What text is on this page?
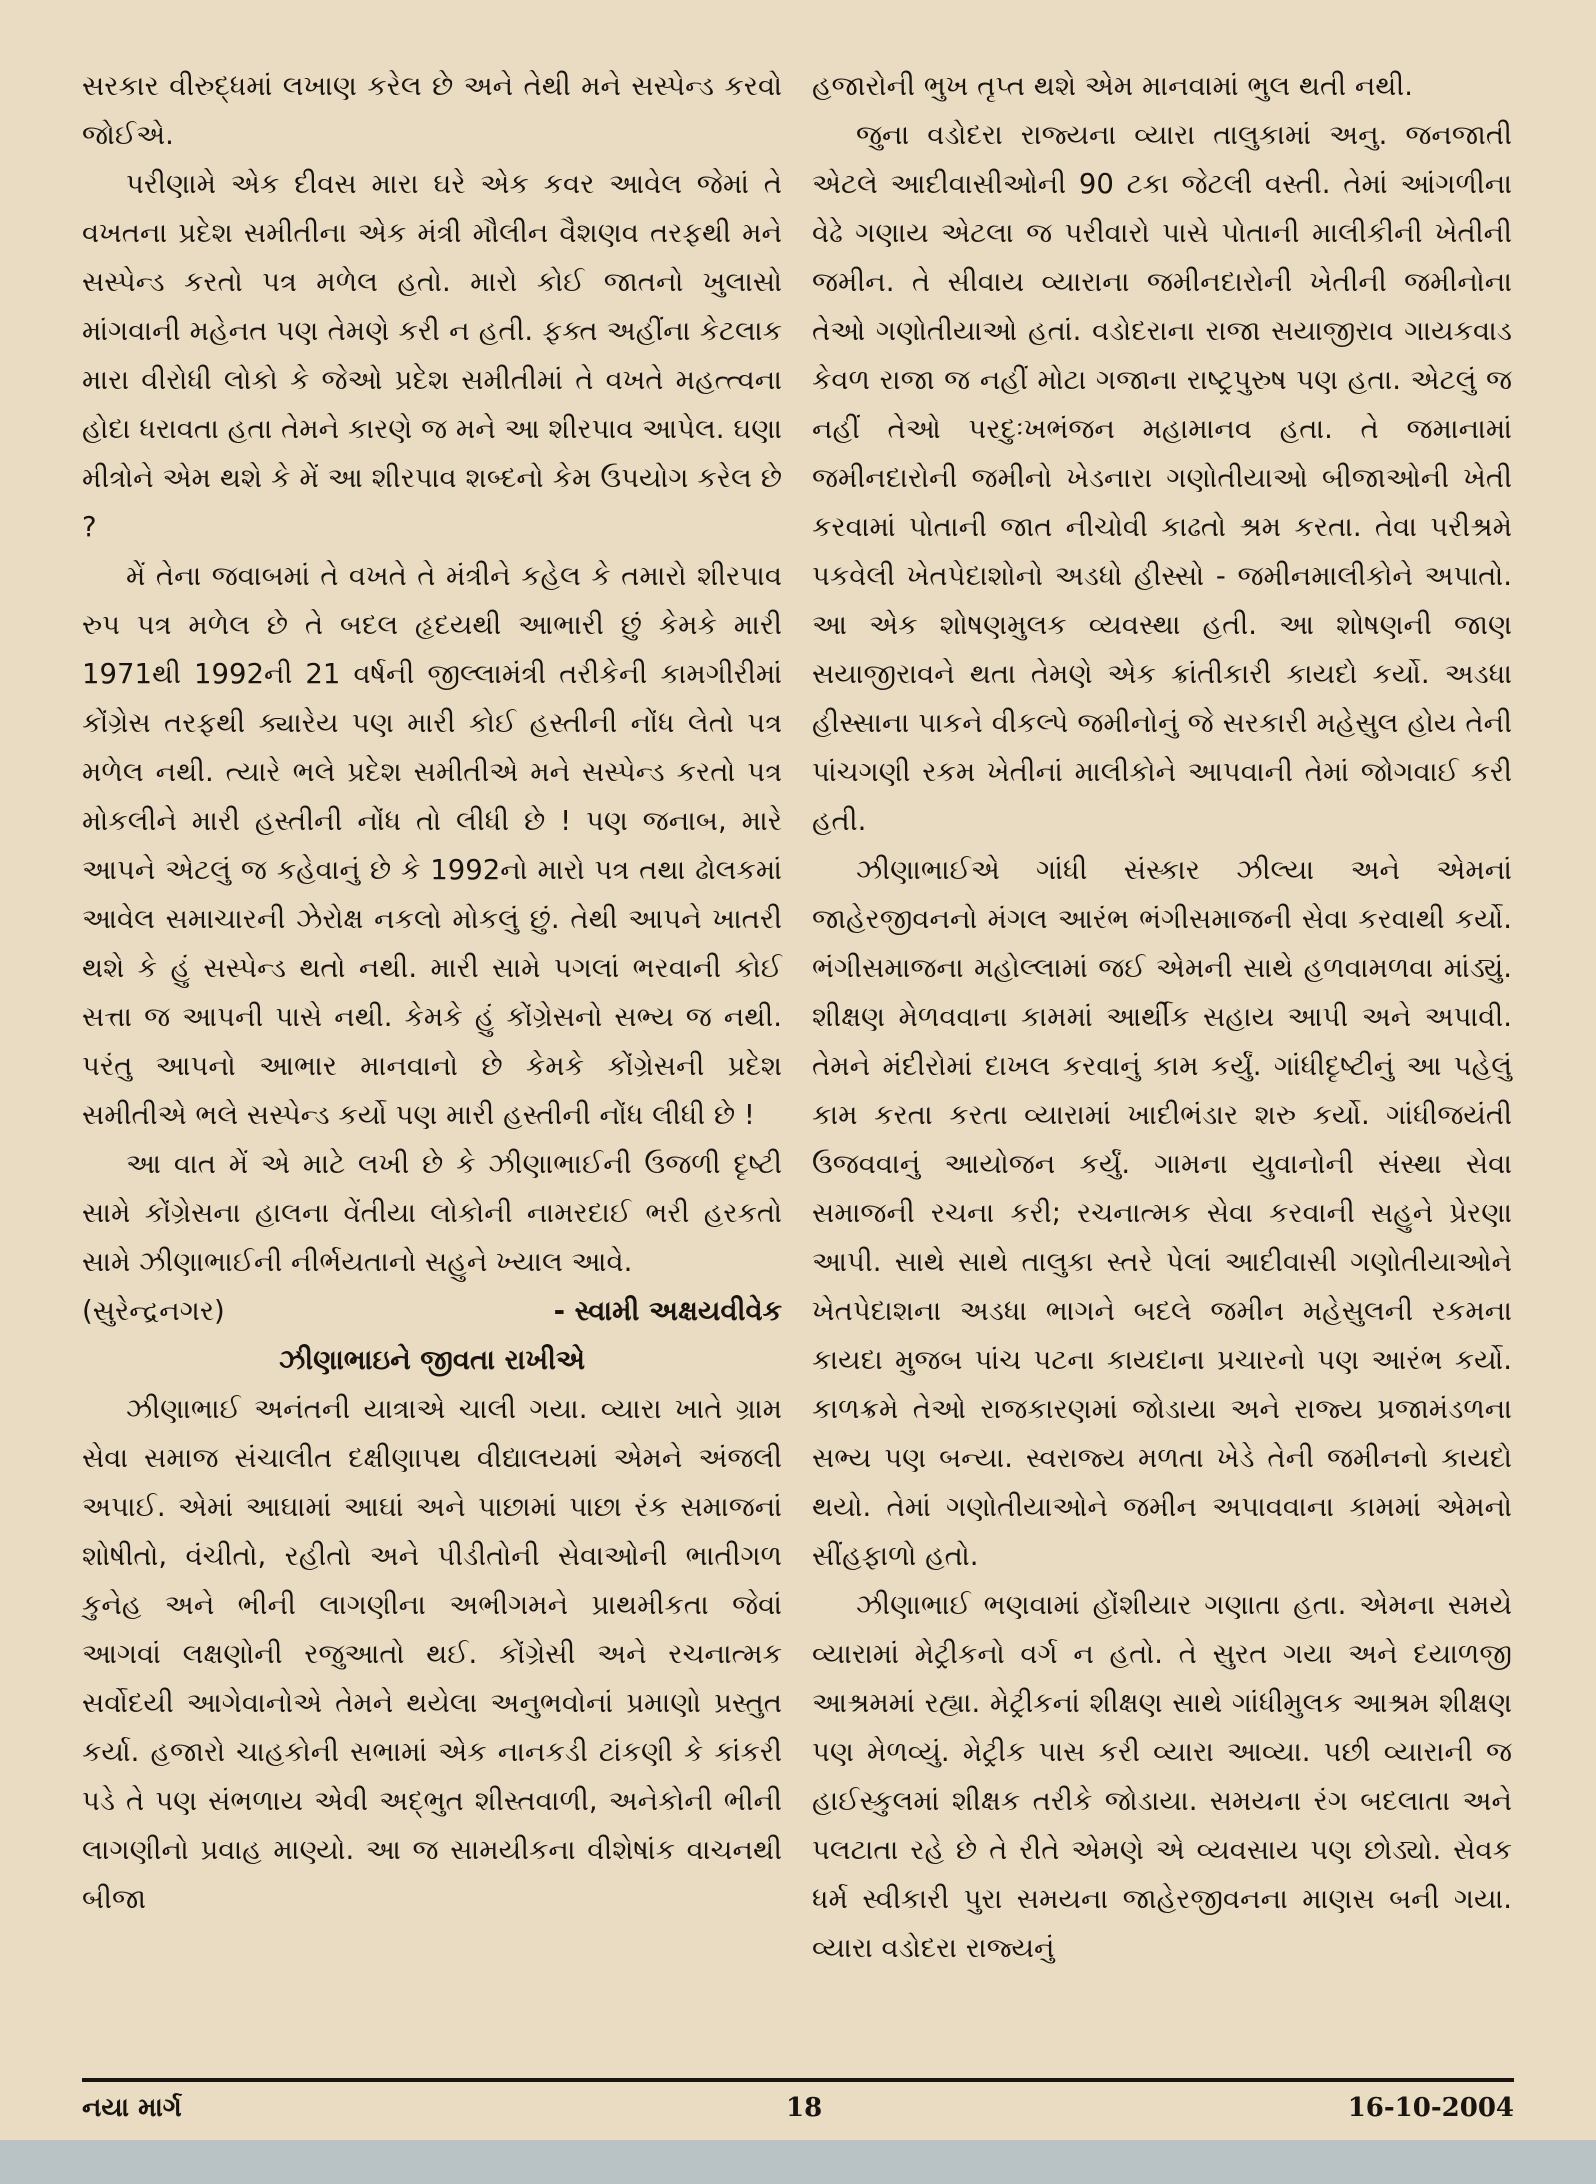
સરકાર વીરુદ્ધમાં લખાણ કરેલ છે અને તેથી મને સસ્પેન્ડ કરવો જોઈએ.

પરીણામે એક દીવસ મારા ઘરે એક કવર આવેલ જેમાં તે વખતના પ્રદેશ સમીતીના એક મંત્રી મૌલીન વૈશણવ તરફથી મને સસ્પેન્ડ કરતો પત્ર મળેલ હતો. મારો કોઈ જાતનો ખુલાસો માંગવાની મહેનત પણ તેમણે કરી ન હતી. ફક્ત અહીંના કેટલાક મારા વીરોધી લોકો કે જેઓ પ્રદેશ સમીતીમાં તે વખતે મહત્ત્વના હોદા ધરાવતા હતા તેમને કારણે જ મને આ શીરપાવ આપેલ. ઘણા મીત્રોને એમ થશે કે મેં આ શીરપાવ શબ્દનો કેમ ઉપયોગ કરેલ છે ?

મેં તેના જવાબમાં તે વખતે તે મંત્રીને કહેલ કે તમારો શીરપાવ રુપ પત્ર મળેલ છે તે બદલ હૃદયથી આભારી છું કેમકે મારી 1971થી 1992ની 21 વર્ષની જીલ્લામંત્રી તરીકેની કામગીરીમાં કોંગ્રેસ તરફથી ક્યારેય પણ મારી કોઈ હસ્તીની નોંધ લેતો પત્ર મળેલ નથી. ત્યારે ભલે પ્રદેશ સમીતીએ મને સસ્પેન્ડ કરતો પત્ર મોકલીને મારી હસ્તીની નોંધ તો લીધી છે ! પણ જનાબ, મારે આપને એટલું જ કહેવાનું છે કે 1992નો મારો પત્ર તથા ઢોલકમાં આવેલ સમાચારની ઝેરોક્ષ નકલો મોકલું છું. તેથી આપને ખાતરી થશે કે હું સસ્પેન્ડ થતો નથી. મારી સામે પગલાં ભરવાની કોઈ સત્તા જ આપની પાસે નથી. કેમકે હું કોંગ્રેસનો સભ્ય જ નથી. પરંતુ આપનો આભાર માનવાનો છે કેમકે કોંગ્રેસની પ્રદેશ સમીતીએ ભલે સસ્પેન્ડ કર્યો પણ મારી હસ્તીની નોંધ લીધી છે !

આ વાત મેં એ માટે લખી છે કે ઝીણાભાઈની ઉજળી દૃષ્ટી સામે કોંગ્રેસના હાલના વેંતીયા લોકોની નામરદાઈ ભરી હરકતો સામે ઝીણાભાઈની નીર્ભયતાનો સહુને ખ્યાલ આવે.

(સુરેન્દ્રનગર)	- સ્વામી અક્ષયવીવેક

ઝીણાભાઇને જીવતા રાખીએ

ઝીણાભાઈ અનંતની યાત્રાએ ચાલી ગયા. વ્યારા ખાતે ગ્રામ સેવા સમાજ સંચાલીત દક્ષીણાપથ વીદ્યાલયમાં એમને અંજલી અપાઈ. એમાં આઘામાં આઘાં અને પાછામાં પાછા રંક સમાજનાં શોષીતો, વંચીતો, રહીતો અને પીડીતોની સેવાઓની ભાતીગળ કુનેહ અને ભીની લાગણીના અભીગમને પ્રાથમીકતા જેવાં આગવાં લક્ષણોની રજુઆતો થઈ. કોંગ્રેસી અને રચનાત્મક સર્વોદયી આગેવાનોએ તેમને થયેલા અનુભવોનાં પ્રમાણો પ્રસ્તુત કર્યા. હજારો ચાહકોની સભામાં એક નાનકડી ટાંકણી કે કાંકરી પડે તે પણ સંભળાય એવી અદ્ભુત શીસ્તવાળી, અનેકોની ભીની લાગણીનો પ્રવાહ માણ્યો. આ જ સામયીકના વીશેષાંક વાચનથી બીજા

હજારોની ભુખ તૃપ્ત થશે એમ માનવામાં ભુલ થતી નથી.

જુના વડોદરા રાજ્યના વ્યારા તાલુકામાં અનુ. જનજાતી એટલે આદીવાસીઓની 90 ટકા જેટલી વસ્તી. તેમાં આંગળીના વેઢે ગણાય એટલા જ પરીવારો પાસે પોતાની માલીકીની ખેતીની જમીન. તે સીવાય વ્યારાના જમીનદારોની ખેતીની જમીનોના તેઓ ગણોતીયાઓ હતાં. વડોદરાના રાજા સયાજીરાવ ગાયકવાડ કેવળ રાજા જ નહીં મોટા ગજાના રાષ્ટ્રપુરુષ પણ હતા. એટલું જ નહીં તેઓ પરદુઃખભંજન મહામાનવ હતા. તે જમાનામાં જમીનદારોની જમીનો ખેડનારા ગણોતીયાઓ બીજાઓની ખેતી કરવામાં પોતાની જાત નીચોવી કાઢતો શ્રમ કરતા. તેવા પરીશ્રમે પકવેલી ખેતપેદાશોનો અડધો હીસ્સો - જમીનમાલીકોને અપાતો. આ એક શોષણમુલક વ્યવસ્થા હતી. આ શોષણની જાણ સયાજીરાવને થતા તેમણે એક ક્રાંતીકારી કાયદો કર્યો. અડધા હીસ્સાના પાકને વીકલ્પે જમીનોનું જે સરકારી મહેસુલ હોય તેની પાંચગણી રકમ ખેતીનાં માલીકોને આપવાની તેમાં જોગવાઈ કરી હતી.

ઝીણાભાઈએ ગાંધી સંસ્કાર ઝીલ્યા અને એમનાં જાહેરજીવનનો મંગલ આરંભ ભંગીસમાજની સેવા કરવાથી કર્યો. ભંગીસમાજના મહોલ્લામાં જઈ એમની સાથે હળવામળવા માંડ્યું. શીક્ષણ મેળવવાના કામમાં આર્થીક સહાય આપી અને અપાવી. તેમને મંદીરોમાં દાખલ કરવાનું કામ કર્યું. ગાંધીદૃષ્ટીનું આ પહેલું કામ કરતા કરતા વ્યારામાં ખાદીભંડાર શરુ કર્યો. ગાંધીજયંતી ઉજવવાનું આયોજન કર્યું. ગામના યુવાનોની સંસ્થા સેવા સમાજની રચના કરી; રચનાત્મક સેવા કરવાની સહુને પ્રેરણા આપી. સાથે સાથે તાલુકા સ્તરે પેલાં આદીવાસી ગણોતીયાઓને ખેતપેદાશના અડધા ભાગને બદલે જમીન મહેસુલની રકમના કાયદા મુજબ પાંચ પટના કાયદાના પ્રચારનો પણ આરંભ કર્યો. કાળક્રમે તેઓ રાજકારણમાં જોડાયા અને રાજ્ય પ્રજામંડળના સભ્ય પણ બન્યા. સ્વરાજ્ય મળતા ખેડે તેની જમીનનો કાયદો થયો. તેમાં ગણોતીયાઓને જમીન અપાવવાના કામમાં એમનો સીંહફાળો હતો.

ઝીણાભાઈ ભણવામાં હોંશીયાર ગણાતા હતા. એમના સમયે વ્યારામાં મેટ્રીકનો વર્ગ ન હતો. તે સુરત ગયા અને દયાળજી આશ્રમમાં રહ્યા. મેટ્રીકનાં શીક્ષણ સાથે ગાંધીમુલક આશ્રમ શીક્ષણ પણ મેળવ્યું. મેટ્રીક પાસ કરી વ્યારા આવ્યા. પછી વ્યારાની જ હાઈસ્કુલમાં શીક્ષક તરીકે જોડાયા. સમયના રંગ બદલાતા અને પલટાતા રહે છે તે રીતે એમણે એ વ્યવસાય પણ છોડ્યો. સેવક ધર્મ સ્વીકારી પુરા સમયના જાહેરજીવનના માણસ બની ગયા. વ્યારા વડોદરા રાજ્યનું

નયા માર્ગ	18	16-10-2004
